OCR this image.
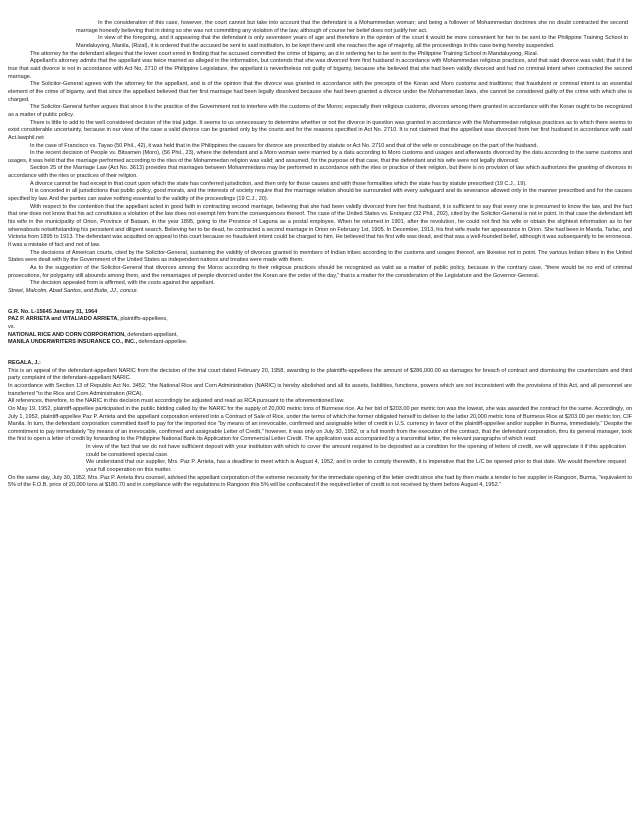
In the consideration of this case, however, the court cannot but take into account that the defendant is a Mohammedan woman; and being a follower of Mohammedan doctrines she no doubt contracted the second marriage honestly believing that in doing so she was not committing any violation of the law, although of course her belief does not justify her act.

In view of the foregoing, and it appearing that the defendant is only seventeen years of age and therefore in the opinion of the court it would be more convenient for her to be sent to the Philippine Training School in Mandaluyong, Manila, (Rizal), it is ordered that the accused be sent to said institution, to be kept there until she reaches the age of majority, all the proceedings in this case being hereby suspended.

The attorney for the defendant alleges that the lower court erred in finding that he accused committed the crime of bigamy, an d in ordering her to be sent to the Philippine Training School in Mandaluyong, Rizal.

Appellant's attorney admits that the appellant was twice married as alleged in the information, but contends that she was divorced from first husband in accordance with Mohammedan religious practices, and that said divorce was valid; that if it be true that said divorce is not in accordance with Act No. 2710 of the Philippine Legislature, the appellant is nevertheless not guilty of bigamy, because she believed that she had been validly divorced and had no criminal intent when contracted the second marriage.

The Solicitor-General agrees with the attorney for the appellant, and is of the opinion that the divorce was granted in accordance with the precepts of the Koran and Moro customs and traditions; that fraudulent or criminal intent is an essential element of the crime of bigamy, and that since the appellant believed that her first marriage had been legally dissolved because she had been granted a divorce under the Mohammedan laws, she cannot be considered guilty of the crime with which she is charged.

The Solicitor-General further argues that since it is the practice of the Government not to interfere with the customs of the Moros; especially their religious customs, divorces among them granted in accordance with the Koran ought to be recognized as a matter of public policy.

There is little to add to the well considered decision of the trial judge. It seems to us unnecessary to determine whether or not the divorce in question was granted in accordance with the Mohammedan religious practices as to which there seems to exist considerable uncertainty, because in our view of the case a valid divorce can be granted only by the courts and for the reasons specified in Act No. 2710. It is not claimed that the appellant was divorced from her first husband in accordance with said Act.lawphil.net

In the case of Francisco vs. Tayao (50 Phil., 42), it was held that in the Philippines the causes for divorce are prescribed by statute or Act No. 2710 and that of the wife or concubinage on the part of the husband.

In the recent decision of People vs. Bitsamen (Moro), (56 Phil., 23), where the defendant and a Moro woman were married by a datu according to Moro customs and usages and afterwards divorced by the datu according to the same customs and usages, it was held that the marriage performed according to the rites of the Mohammedan religion was valid; and assumed, for the purpose of that case, that the defendant and his wife were not legally divorced.

Section 25 of the Marriage Law (Act No. 3613) provides that marriages between Mohammedans may be performed in accordance with the rites or practice of their religion, but there is no provision of law which authorizes the granting of divorces in accordance with the rites or practices of their religion.

A divorce cannot be had except in that court upon which the state has conferred jurisdiction, and then only for those causes and with those formalities which the state has by statute prescribed (19 C.J., 19).

It is conceded in all jurisdictions that public policy, good morals, and the interests of society require that the marriage relation should be surrounded with every safeguard and its severance allowed only in the manner prescribed and for the causes specified by law. And the parties can waive nothing essential to the validity of the proceedings (19 C.J., 20).

With respect to the contention that the appellant acted in good faith in contracting second marriage, believing that she had been validly divorced from her first husband, it is sufficient to say that every one is presumed to know the law, and the fact that one does not know that his act constitutes a violation of the law does not exempt him from the consequences thereof. The case of the United States vs. Enriquez (32 Phil., 202), cited by the Solicitor-General is not in point. In that case the defendant left his wife in the municipality of Orion, Province of Bataan, in the year 1895, going to the Province of Laguna as a postal employee. When he returned in 1901, after the revolution, he could not find his wife or obtain the slightest information as to her whereabouts notwithstanding his persistent and diligent search. Believing her to be dead, he contracted a second marriage in Orion on February 1st, 1905. In December, 1913, his first wife made her appearance in Orion. She had been in Manila, Tarlac, and Victoria from 1895 to 1913. The defendant was acquitted on appeal to this court because no fraudulent intent could be charged to him. He believed that his first wife was dead, and that was a well-founded belief, although it was subsequently to be erroneous. It was a mistake of fact and not of law.

The decisions of American courts, cited by the Solicitor-General, sustaining the validity of divorces granted to members of Indian tribes according to the customs and usages thereof, are likewise not in point. The various Indian tribes in the United States were dealt with by the Government of the United States as independent nations and treaties were made with them.

As to the suggestion of the Solicitor-General that divorces among the Moros according to their religious practices should be recognized as valid as a matter of public policy, because in the contrary case, "there would be no end of criminal prosecutions, for polygamy still abounds among them, and the remarriages of people divorced under the Koran are the order of the day," that is a matter for the consideration of the Legislature and the Governor-General.

The decision appealed from is affirmed, with the costs against the appellant.

Street, Malcolm, Abad Santos, and Butte, JJ., concur.

G.R. No. L-15645 January 31, 1964

PAZ P. ARRIETA and VITALIADO ARRIETA, plaintiffs-appellees,

vs.

NATIONAL RICE AND CORN CORPORATION, defendant-appellant,

MANILA UNDERWRITERS INSURANCE CO., INC., defendant-appellee.

REGALA, J.:

This is an appeal of the defendant-appellant NARIC from the decision of the trial court dated February 20, 1958, awarding to the plaintiffs-appellees the amount of $286,000.00 as damages for breach of contract and dismissing the counterclaim and third party complaint of the defendant-appellant NARIC.

In accordance with Section 13 of Republic Act No. 3452, "the National Rice and Corn Administration (NARIC) is hereby abolished and all its assets, liabilities, functions, powers which are not inconsistent with the provisions of this Act, and all personnel are transferred "to the Rice and Corn Administration (RCA).

All references, therefore, to the NARIC in this decision must accordingly be adjusted and read as RCA pursuant to the aforementioned law.

On May 19, 1952, plaintiff-appellee participated in the public bidding called by the NARIC for the supply of 20,000 metric tons of Burmese rice. As her bid of $203.00 per metric ton was the lowest, she was awarded the contract for the same. Accordingly, on July 1, 1952, plaintiff-appellee Paz P. Arrieta and the appellant corporation entered into a Contract of Sale of Rice, under the terms of which the former obligated herself to deliver to the latter 20,000 metric tons of Burmess Rice at $203.00 per metric ton, CIF Manila. In turn, the defendant corporation committed itself to pay for the imported rice "by means of an irrevocable, confirmed and assignable letter of credit in U.S. currency in favor of the plaintiff-appellee and/or supplier in Burma, immediately." Despite the commitment to pay immediately "by means of an irrevocable, confirmed and assignable Letter of Credit," however, it was only on July 30, 1952, or a full month from the execution of the contract, that the defendant corporation, thru its general manager, took the first to open a letter of credit by forwarding to the Philippine National Bank its Application for Commercial Letter Credit. The application was accompanied by a transmittal letter, the relevant paragraphs of which read:

In view of the fact that we do not have sufficient deposit with your institution with which to cover the amount required to be deposited as a condition for the opening of letters of credit, we will appreciate it if this application could be considered special case.

We understand that our supplier, Mrs. Paz P. Arrieta, has a deadline to meet which is August 4, 1952, and in order to comply therewith, it is imperative that the L/C be opened prior to that date. We would therefore request your full cooperation on this matter.

On the same day, July 30, 1952, Mrs. Paz P. Arrieta thru counsel, advised the appellant corporation of the extreme necessity for the immediate opening of the letter credit since she had by then made a tender to her supplier in Rangoon, Burma, "equivalent to 5% of the F.O.B. price of 20,000 tons at $180.70 and in compliance with the regulations in Rangoon this 5% will be confiscated if the required letter of credit is not received by them before August 4, 1952."
